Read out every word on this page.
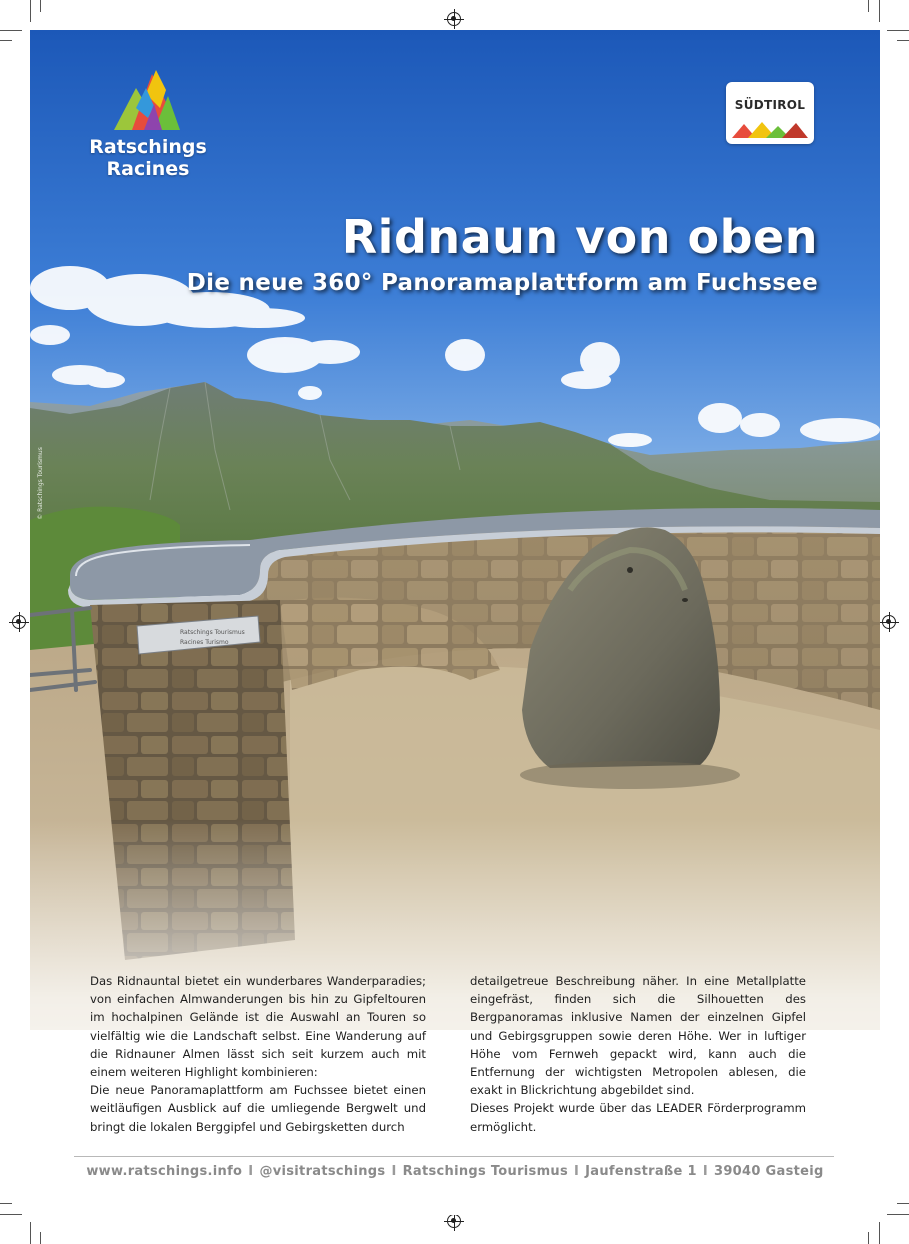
Ratschings Tourismus
Racines Turismo
Ratschings
Racines
SÜDTIROL
Ridnaun von oben
Die neue 360° Panoramaplattform am Fuchssee
© Ratschings Tourismus

Das Ridnauntal bietet ein wunderbares Wanderparadies; von einfachen Almwanderungen bis hin zu Gipfeltouren im hochalpinen Gelände ist die Auswahl an Touren so vielfältig wie die Landschaft selbst. Eine Wanderung auf die Ridnauner Almen lässt sich seit kurzem auch mit einem weiteren Highlight kombinieren:

Die neue Panoramaplattform am Fuchssee bietet einen weitläufigen Ausblick auf die umliegende Bergwelt und bringt die lokalen Berggipfel und Gebirgsketten durch

detailgetreue Beschreibung näher. In eine Metallplatte eingefräst, finden sich die Silhouetten des Bergpanoramas inklusive Namen der einzelnen Gipfel und Gebirgsgruppen sowie deren Höhe. Wer in luftiger Höhe vom Fernweh gepackt wird, kann auch die Entfernung der wichtigsten Metropolen ablesen, die exakt in Blickrichtung abgebildet sind.

Dieses Projekt wurde über das LEADER Förderprogramm ermöglicht.

www.ratschings.info I @visitratschings I Ratschings Tourismus I Jaufenstraße 1 I 39040 Gasteig
